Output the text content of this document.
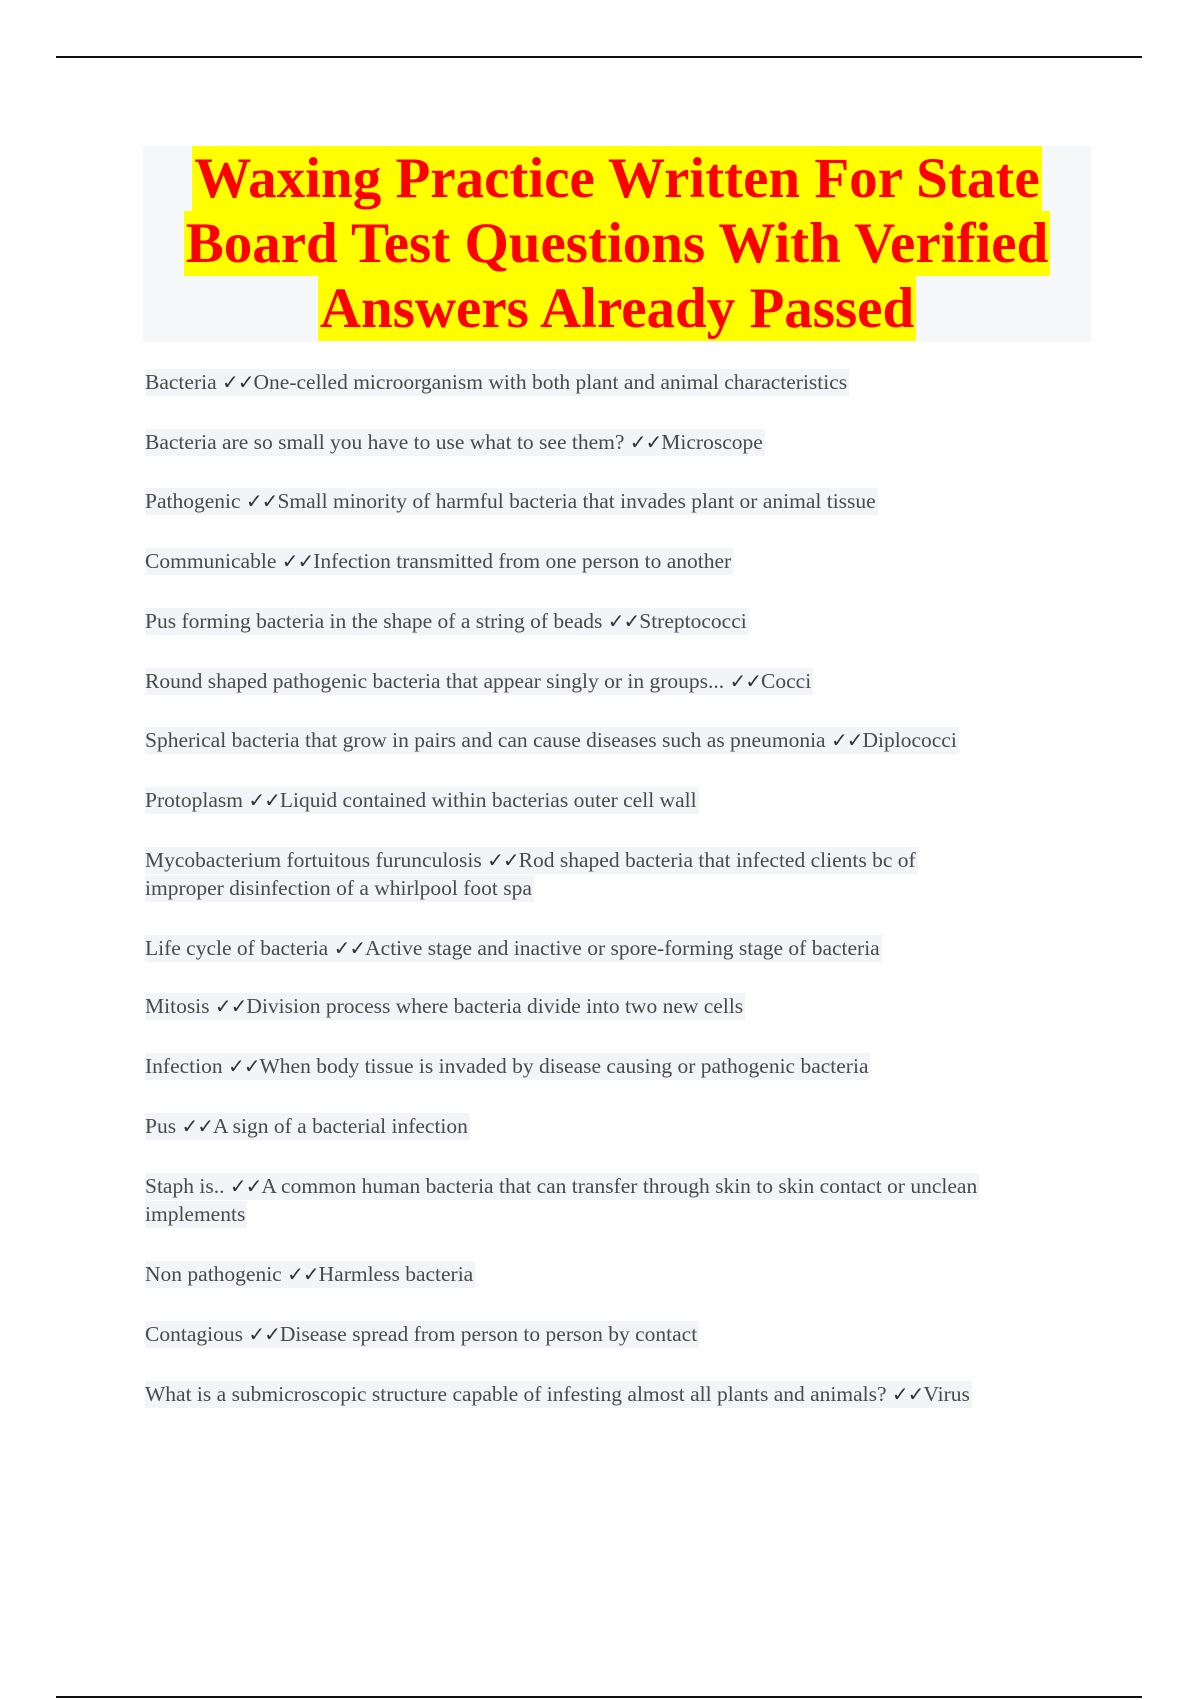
Waxing Practice Written For State
Board Test Questions With Verified
Answers Already Passed
Bacteria ✓✓One-celled microorganism with both plant and animal characteristics
Bacteria are so small you have to use what to see them? ✓✓Microscope
Pathogenic ✓✓Small minority of harmful bacteria that invades plant or animal tissue
Communicable ✓✓Infection transmitted from one person to another
Pus forming bacteria in the shape of a string of beads ✓✓Streptococci
Round shaped pathogenic bacteria that appear singly or in groups... ✓✓Cocci
Spherical bacteria that grow in pairs and can cause diseases such as pneumonia ✓✓Diplococci
Protoplasm ✓✓Liquid contained within bacterias outer cell wall
Mycobacterium fortuitous furunculosis ✓✓Rod shaped bacteria that infected clients bc of
improper disinfection of a whirlpool foot spa
Life cycle of bacteria ✓✓Active stage and inactive or spore-forming stage of bacteria
Mitosis ✓✓Division process where bacteria divide into two new cells
Infection ✓✓When body tissue is invaded by disease causing or pathogenic bacteria
Pus ✓✓A sign of a bacterial infection
Staph is.. ✓✓A common human bacteria that can transfer through skin to skin contact or unclean
implements
Non pathogenic ✓✓Harmless bacteria
Contagious ✓✓Disease spread from person to person by contact
What is a submicroscopic structure capable of infesting almost all plants and animals? ✓✓Virus
